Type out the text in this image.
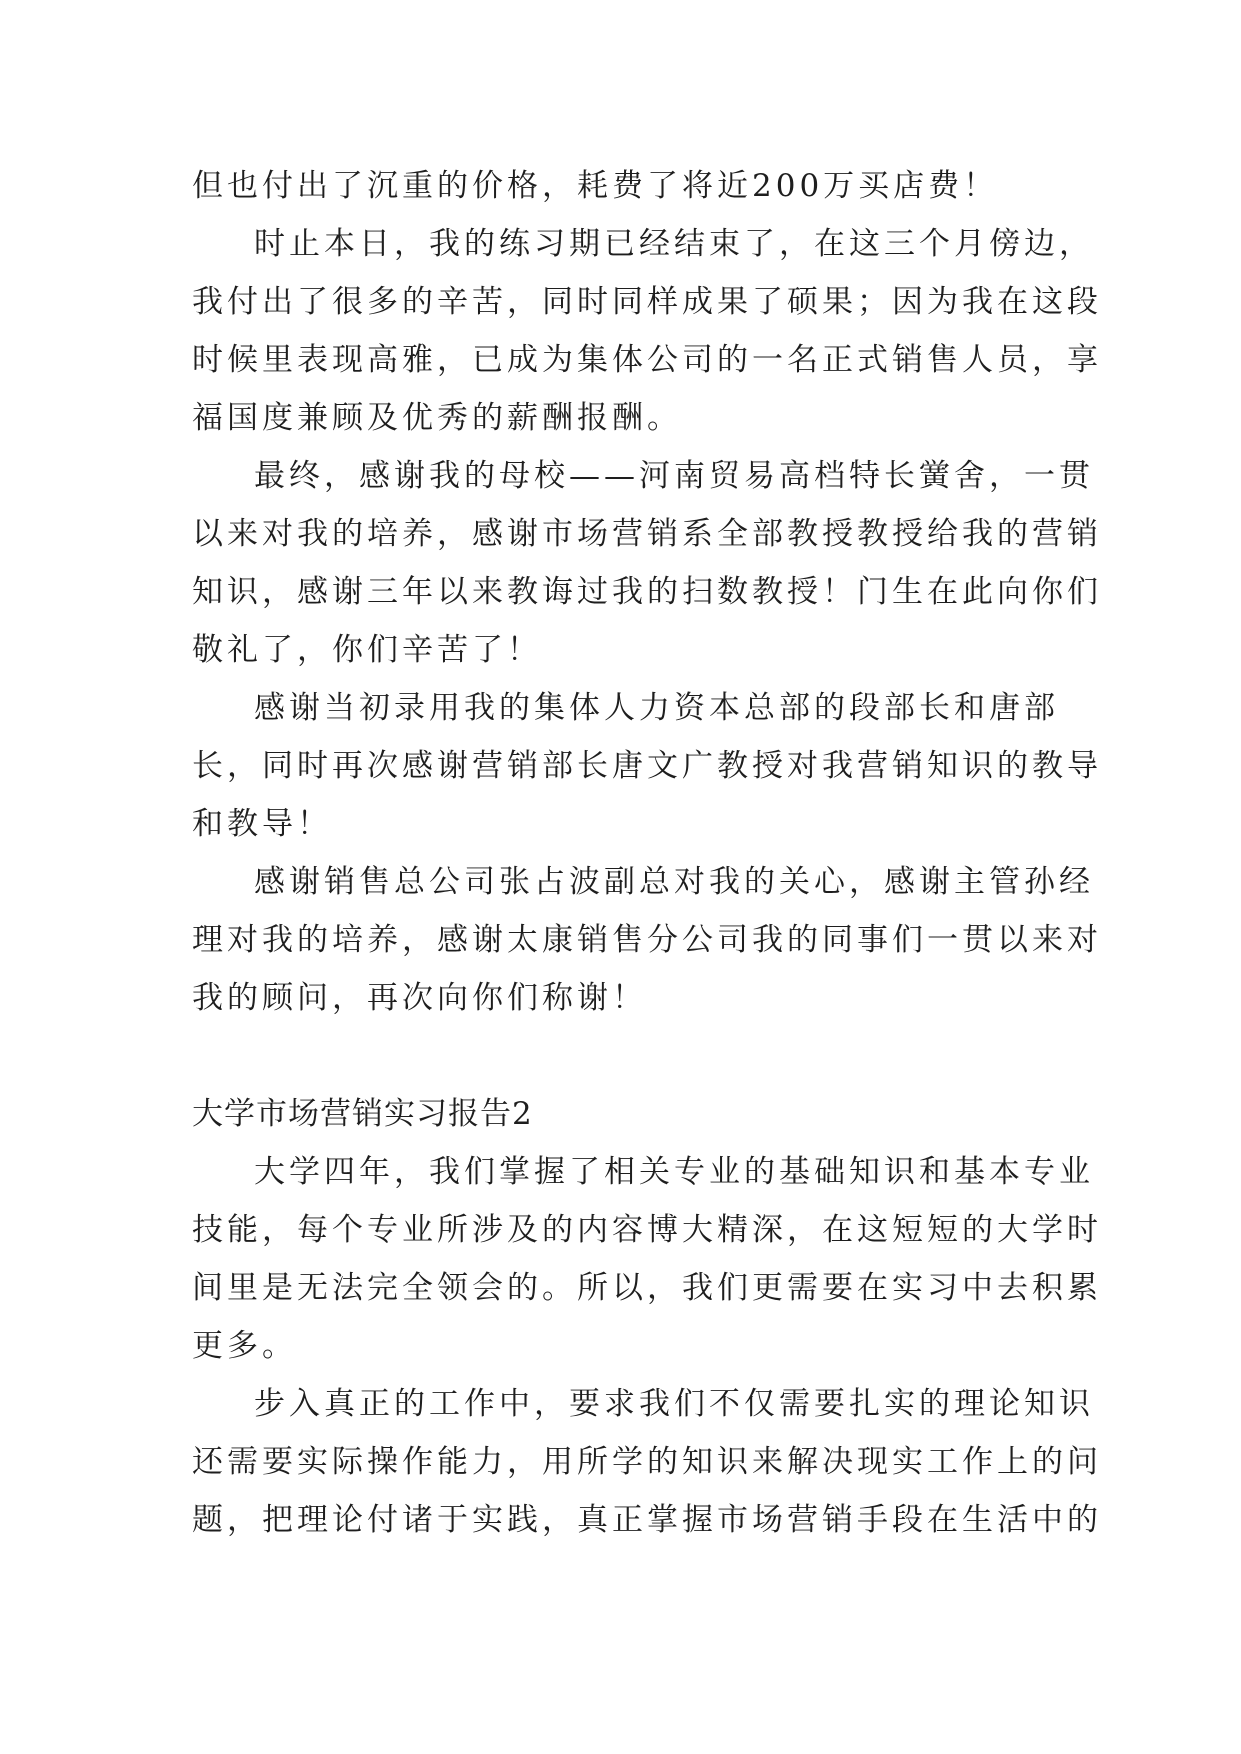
但也付出了沉重的价格，耗费了将近200万买店费！
时止本日，我的练习期已经结束了，在这三个月傍边，
我付出了很多的辛苦，同时同样成果了硕果；因为我在这段
时候里表现高雅，已成为集体公司的一名正式销售人员，享
福国度兼顾及优秀的薪酬报酬。
最终，感谢我的母校——河南贸易高档特长黉舍，一贯
以来对我的培养，感谢市场营销系全部教授教授给我的营销
知识，感谢三年以来教诲过我的扫数教授！门生在此向你们
敬礼了，你们辛苦了！
感谢当初录用我的集体人力资本总部的段部长和唐部
长，同时再次感谢营销部长唐文广教授对我营销知识的教导
和教导！
感谢销售总公司张占波副总对我的关心，感谢主管孙经
理对我的培养，感谢太康销售分公司我的同事们一贯以来对
我的顾问，再次向你们称谢！
大学市场营销实习报告2
大学四年，我们掌握了相关专业的基础知识和基本专业
技能，每个专业所涉及的内容博大精深，在这短短的大学时
间里是无法完全领会的。所以，我们更需要在实习中去积累
更多。
步入真正的工作中，要求我们不仅需要扎实的理论知识
还需要实际操作能力，用所学的知识来解决现实工作上的问
题，把理论付诸于实践，真正掌握市场营销手段在生活中的
